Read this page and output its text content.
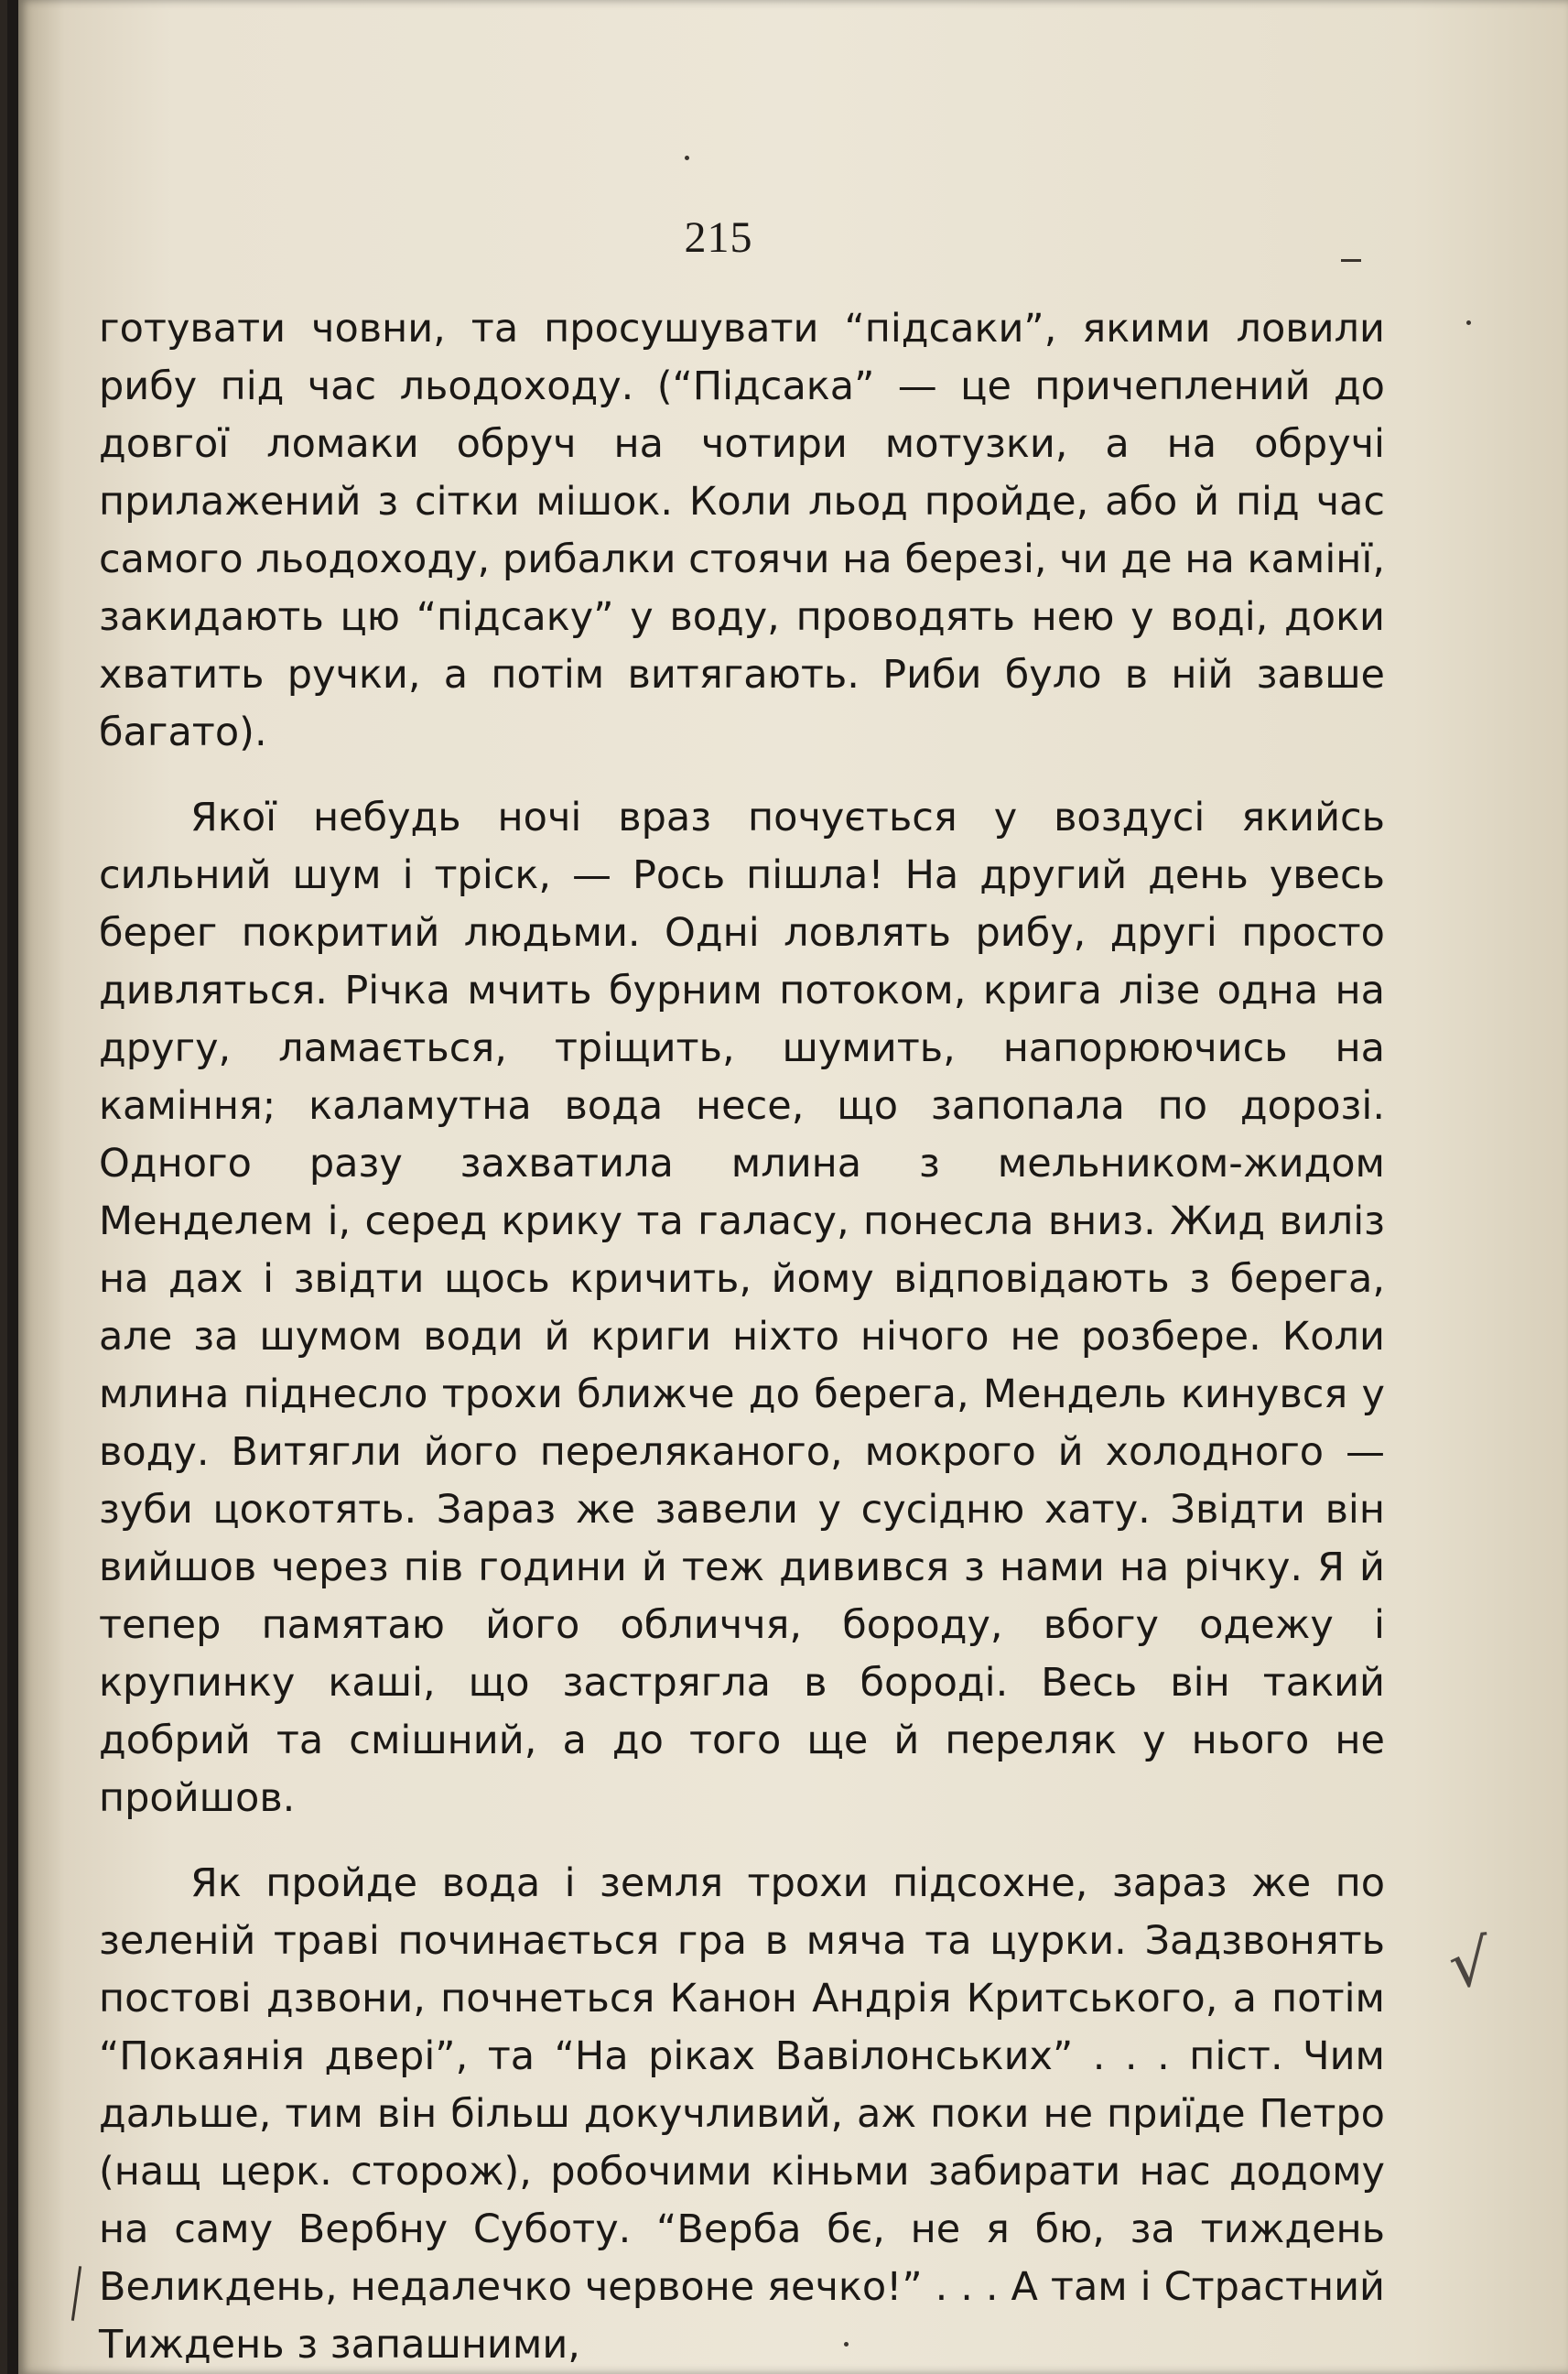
215

готувати човни, та просушувати “підсаки”, якими ловили рибу під час льодоходу. (“Підсака” — це причеплений до довгої ломаки обруч на чотири мотузки, а на обручі прилажений з сітки мішок. Коли льод пройде, або й під час самого льодоходу, рибалки стоячи на березі, чи де на камінї, закидають цю “підсаку” у воду, проводять нею у воді, доки хватить ручки, а потім витягають. Риби було в ній завше багато).

Якої небудь ночі враз почується у воздусі якийсь сильний шум і тріск, — Рось пішла! На другий день увесь берег покритий людьми. Одні ловлять рибу, другі просто дивляться. Річка мчить бурним потоком, крига лізе одна на другу, ламається, тріщить, шумить, напорюючись на каміння; каламутна вода несе, що запопала по дорозі. Одного разу захватила млина з мельником-жидом Менделем і, серед крику та галасу, понесла вниз. Жид виліз на дах і звідти щось кричить, йому відповідають з берега, але за шумом води й криги ніхто нічого не розбере. Коли млина піднесло трохи ближче до берега, Мендель кинувся у воду. Витягли його переляканого, мокрого й холодного — зуби цокотять. Зараз же завели у сусідню хату. Звідти він вийшов через пів години й теж дивився з нами на річку. Я й тепер памятаю його обличчя, бороду, вбогу одежу і крупинку каші, що застрягла в бороді. Весь він такий добрий та смішний, а до того ще й переляк у нього не пройшов.

Як пройде вода і земля трохи підсохне, зараз же по зеленій траві починається гра в мяча та цурки. Задзвонять постові дзвони, почнеться Канон Андрія Критського, а потім “Покаянія двері”, та “На ріках Вавілонських” . . . піст. Чим дальше, тим він більш докучливий, аж поки не приїде Петро (нащ церк. сторож), робочими кіньми забирати нас додому на саму Вербну Суботу. “Верба бє, не я бю, за тиждень Великдень, недалечко червоне яечко!” . . . А там і Страстний Тиждень з запашними,

√
